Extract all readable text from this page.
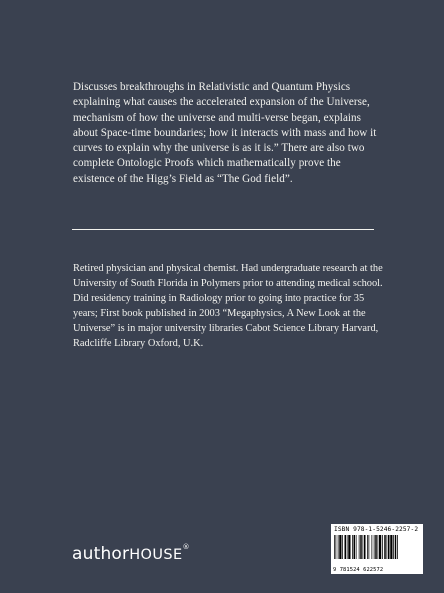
Discusses breakthroughs in Relativistic and Quantum Physics explaining what causes the accelerated expansion of the Universe, mechanism of how the universe and multi-verse began, explains about Space-time boundaries; how it interacts with mass and how it curves to explain why the universe is as it is.” There are also two complete Ontologic Proofs which mathematically prove the existence of the Higg’s Field as “The God field”.

Retired physician and physical chemist. Had undergraduate research at the University of South Florida in Polymers prior to attending medical school. Did residency training in Radiology prior to going into practice for 35 years; First book published in 2003 “Megaphysics, A New Look at the Universe” is in major university libraries Cabot Science Library Harvard, Radcliffe Library Oxford, U.K.

authorHOUSE®
ISBN 978-1-5246-2257-2
9 781524 622572
